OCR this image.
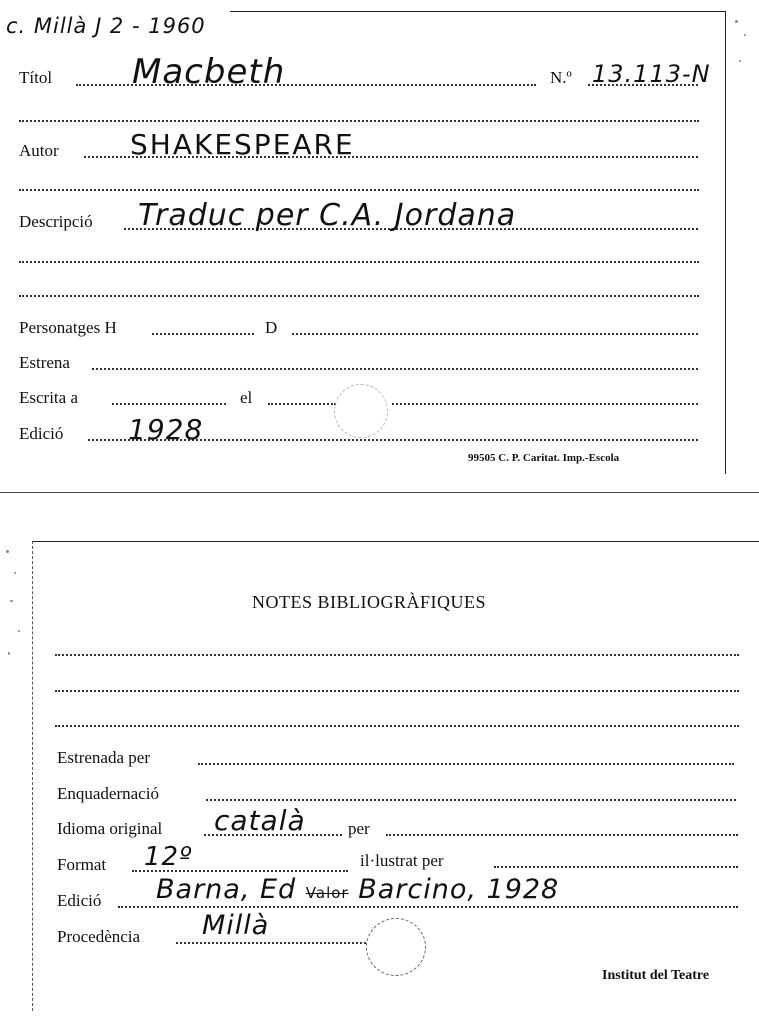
c. Millà J 2 - 1960
Títol Macbeth	N.º 13.113-N
Autor	SHAKESPEARE
Descripció Traduc per C.A. Jordana
Personatges H	D
Estrena
Escrita a	el
Edició 1928
99505 C. P. Caritat. Imp.-Escola
NOTES BIBLIOGRÀFIQUES
Estrenada per
Enquadernació
Idioma original català per
Format 12º	il·lustrat per
Edició Barna, Ed Valor Barcino, 1928
Procedència Millà
Institut del Teatre
